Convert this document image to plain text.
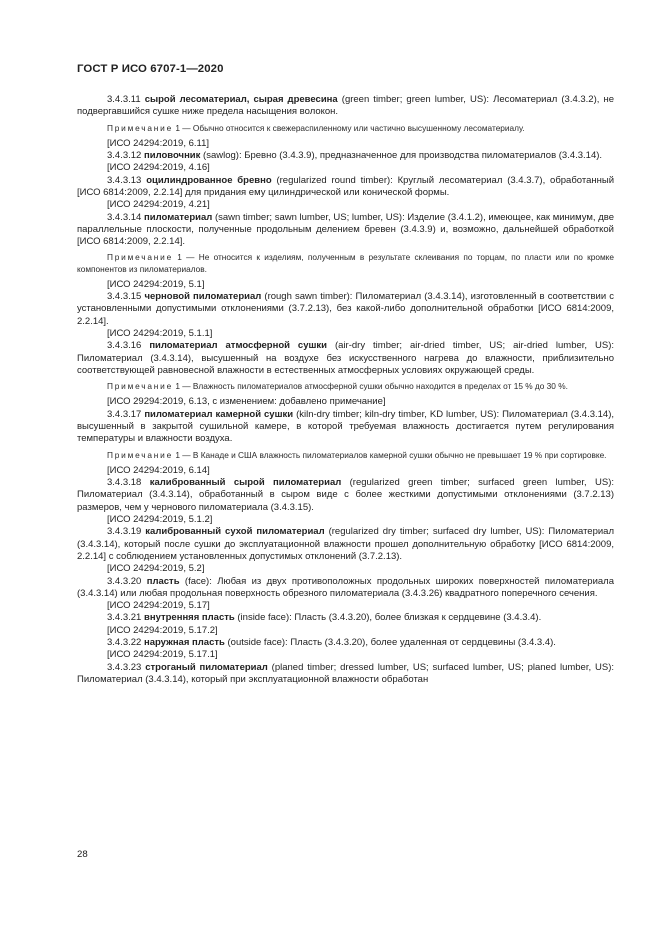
ГОСТ Р ИСО 6707-1—2020

3.4.3.11 сырой лесоматериал, сырая древесина (green timber; green lumber, US): Лесоматериал (3.4.3.2), не подвергавшийся сушке ниже предела насыщения волокон.

Примечание 1 — Обычно относится к свежераспиленному или частично высушенному лесоматериалу.

[ИСО 24294:2019, 6.11]

3.4.3.12 пиловочник (sawlog): Бревно (3.4.3.9), предназначенное для производства пиломатериалов (3.4.3.14).

[ИСО 24294:2019, 4.16]

3.4.3.13 оцилиндрованное бревно (regularized round timber): Круглый лесоматериал (3.4.3.7), обработанный [ИСО 6814:2009, 2.2.14] для придания ему цилиндрической или конической формы.

[ИСО 24294:2019, 4.21]

3.4.3.14 пиломатериал (sawn timber; sawn lumber, US; lumber, US): Изделие (3.4.1.2), имеющее, как минимум, две параллельные плоскости, полученные продольным делением бревен (3.4.3.9) и, возможно, дальнейшей обработкой [ИСО 6814:2009, 2.2.14].

Примечание 1 — Не относится к изделиям, полученным в результате склеивания по торцам, по пласти или по кромке компонентов из пиломатериалов.

[ИСО 24294:2019, 5.1]

3.4.3.15 черновой пиломатериал (rough sawn timber): Пиломатериал (3.4.3.14), изготовленный в соответствии с установленными допустимыми отклонениями (3.7.2.13), без какой-либо дополнительной обработки [ИСО 6814:2009, 2.2.14].

[ИСО 24294:2019, 5.1.1]

3.4.3.16 пиломатериал атмосферной сушки (air-dry timber; air-dried timber, US; air-dried lumber, US): Пиломатериал (3.4.3.14), высушенный на воздухе без искусственного нагрева до влажности, приблизительно соответствующей равновесной влажности в естественных атмосферных условиях окружающей среды.

Примечание 1 — Влажность пиломатериалов атмосферной сушки обычно находится в пределах от 15 % до 30 %.

[ИСО 29294:2019, 6.13, с изменением: добавлено примечание]

3.4.3.17 пиломатериал камерной сушки (kiln-dry timber; kiln-dry timber, KD lumber, US): Пиломатериал (3.4.3.14), высушенный в закрытой сушильной камере, в которой требуемая влажность достигается путем регулирования температуры и влажности воздуха.

Примечание 1 — В Канаде и США влажность пиломатериалов камерной сушки обычно не превышает 19 % при сортировке.

[ИСО 24294:2019, 6.14]

3.4.3.18 калиброванный сырой пиломатериал (regularized green timber; surfaced green lumber, US): Пиломатериал (3.4.3.14), обработанный в сыром виде с более жесткими допустимыми отклонениями (3.7.2.13) размеров, чем у чернового пиломатериала (3.4.3.15).

[ИСО 24294:2019, 5.1.2]

3.4.3.19 калиброванный сухой пиломатериал (regularized dry timber; surfaced dry lumber, US): Пиломатериал (3.4.3.14), который после сушки до эксплуатационной влажности прошел дополнительную обработку [ИСО 6814:2009, 2.2.14] с соблюдением установленных допустимых отклонений (3.7.2.13).

[ИСО 24294:2019, 5.2]

3.4.3.20 пласть (face): Любая из двух противоположных продольных широких поверхностей пиломатериала (3.4.3.14) или любая продольная поверхность обрезного пиломатериала (3.4.3.26) квадратного поперечного сечения.

[ИСО 24294:2019, 5.17]

3.4.3.21 внутренняя пласть (inside face): Пласть (3.4.3.20), более близкая к сердцевине (3.4.3.4).

[ИСО 24294:2019, 5.17.2]

3.4.3.22 наружная пласть (outside face): Пласть (3.4.3.20), более удаленная от сердцевины (3.4.3.4).

[ИСО 24294:2019, 5.17.1]

3.4.3.23 строганый пиломатериал (planed timber; dressed lumber, US; surfaced lumber, US; planed lumber, US): Пиломатериал (3.4.3.14), который при эксплуатационной влажности обработан

28
